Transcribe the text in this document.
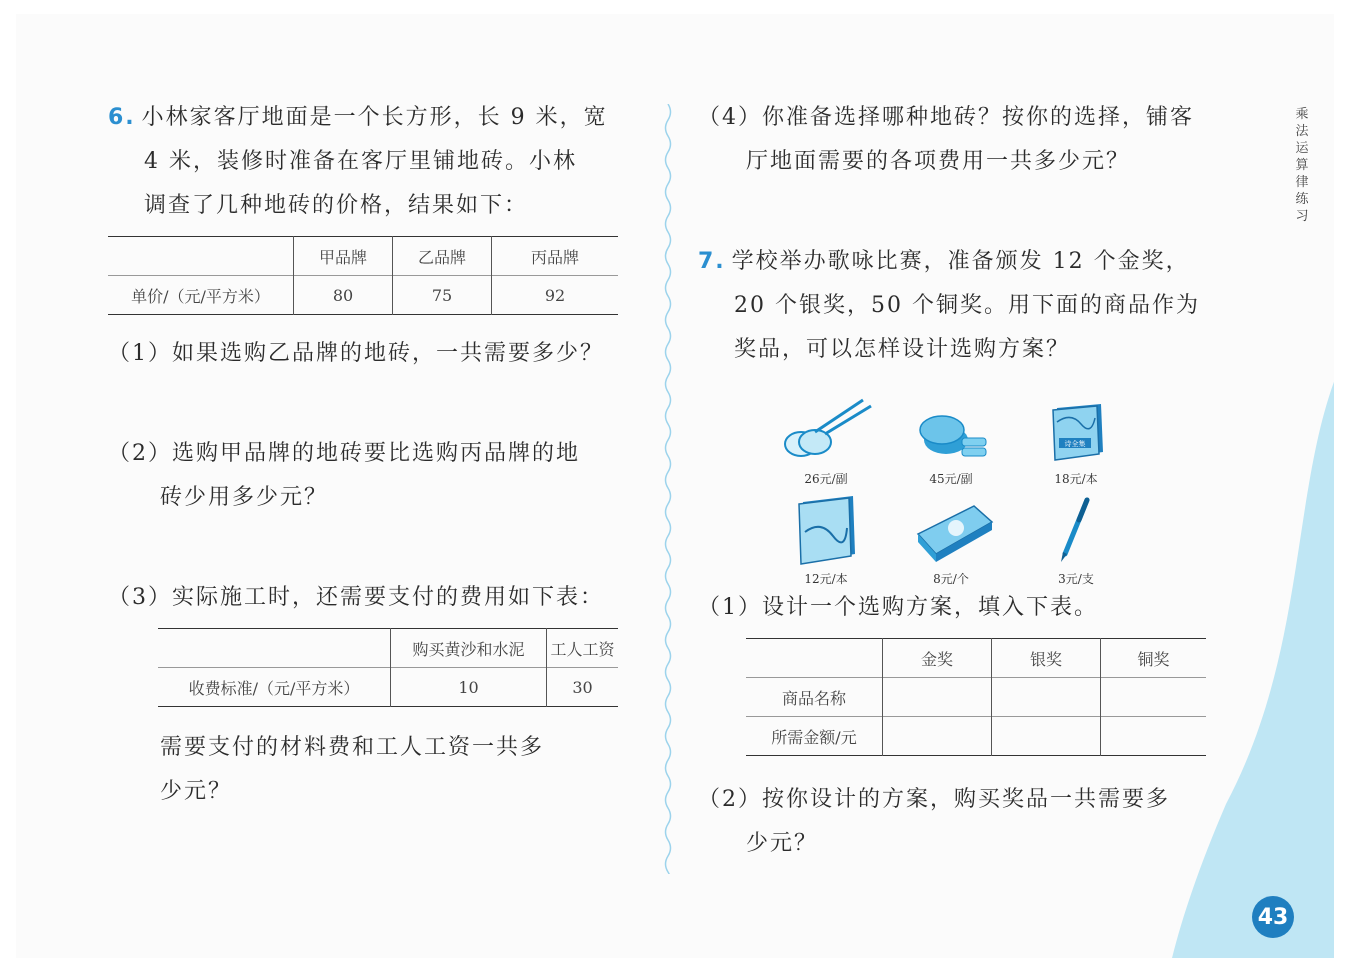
乘
法
运
算
律
练
习
43
6. 小林家客厅地面是一个长方形，长 9 米，宽
4 米，装修时准备在客厅里铺地砖。小林
调查了几种地砖的价格，结果如下：
	甲品牌	乙品牌	丙品牌
单价/（元/平方米）	80	75	92
（1）如果选购乙品牌的地砖，一共需要多少？
（2）选购甲品牌的地砖要比选购丙品牌的地
砖少用多少元？
（3）实际施工时，还需要支付的费用如下表：
	购买黄沙和水泥	工人工资
收费标准/（元/平方米）	10	30
需要支付的材料费和工人工资一共多
少元？
（4）你准备选择哪种地砖？按你的选择，铺客
厅地面需要的各项费用一共多少元？
7. 学校举办歌咏比赛，准备颁发 12 个金奖，
20 个银奖，50 个铜奖。用下面的商品作为
奖品，可以怎样设计选购方案？
26元/副	45元/副
诗全集
18元/本
12元/本	8元/个	3元/支
（1）设计一个选购方案，填入下表。
	金奖	银奖	铜奖
商品名称			
所需金额/元			
（2）按你设计的方案，购买奖品一共需要多
少元？
